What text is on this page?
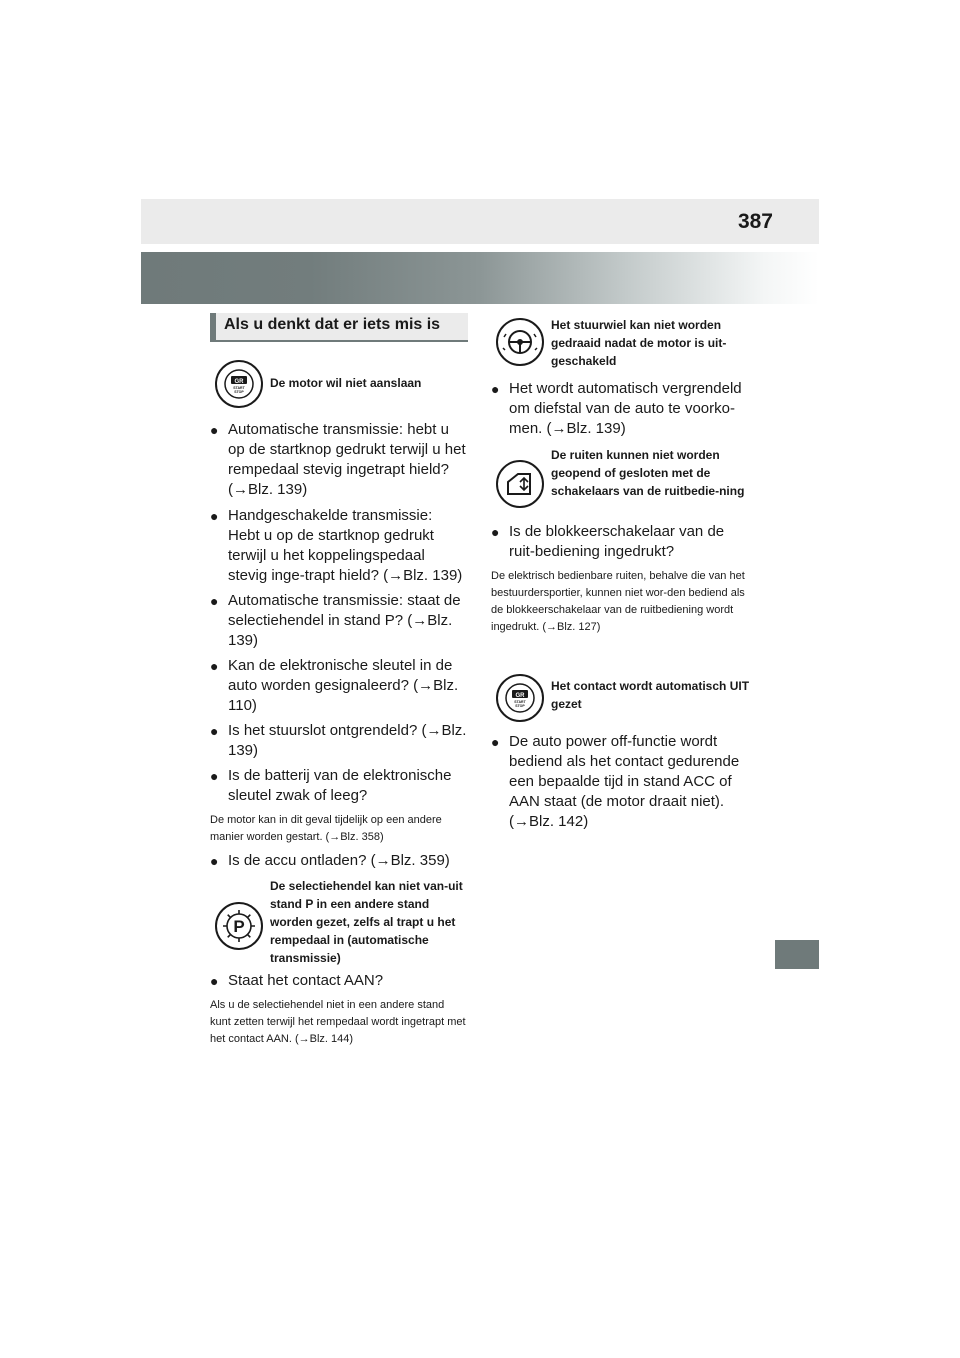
387
Als u denkt dat er iets mis is
GR
START
STOP
De motor wil niet aanslaan
● Automatische transmissie: hebt u op de startknop gedrukt terwijl u het rempedaal stevig ingetrapt hield? (→Blz. 139)
● Handgeschakelde transmissie: Hebt u op de startknop gedrukt terwijl u het koppelingspedaal stevig inge-trapt hield? (→Blz. 139)
● Automatische transmissie: staat de selectiehendel in stand P? (→Blz. 139)
● Kan de elektronische sleutel in de auto worden gesignaleerd? (→Blz. 110)
● Is het stuurslot ontgrendeld? (→Blz. 139)
● Is de batterij van de elektronische sleutel zwak of leeg?
De motor kan in dit geval tijdelijk op een andere manier worden gestart. (→Blz. 358)
● Is de accu ontladen? (→Blz. 359)
P
De selectiehendel kan niet van-uit stand P in een andere stand worden gezet, zelfs al trapt u het rempedaal in (automatische transmissie)
● Staat het contact AAN?
Als u de selectiehendel niet in een andere stand kunt zetten terwijl het rempedaal wordt ingetrapt met het contact AAN. (→Blz. 144)
Het stuurwiel kan niet worden gedraaid nadat de motor is uit-geschakeld
● Het wordt automatisch vergrendeld om diefstal van de auto te voorko-men. (→Blz. 139)
De ruiten kunnen niet worden geopend of gesloten met de schakelaars van de ruitbedie-ning
● Is de blokkeerschakelaar van de ruit-bediening ingedrukt?
De elektrisch bedienbare ruiten, behalve die van het bestuurdersportier, kunnen niet wor-den bediend als de blokkeerschakelaar van de ruitbediening wordt ingedrukt. (→Blz. 127)
GR
START
STOP
Het contact wordt automatisch UIT gezet
● De auto power off-functie wordt bediend als het contact gedurende een bepaalde tijd in stand ACC of AAN staat (de motor draait niet). (→Blz. 142)
